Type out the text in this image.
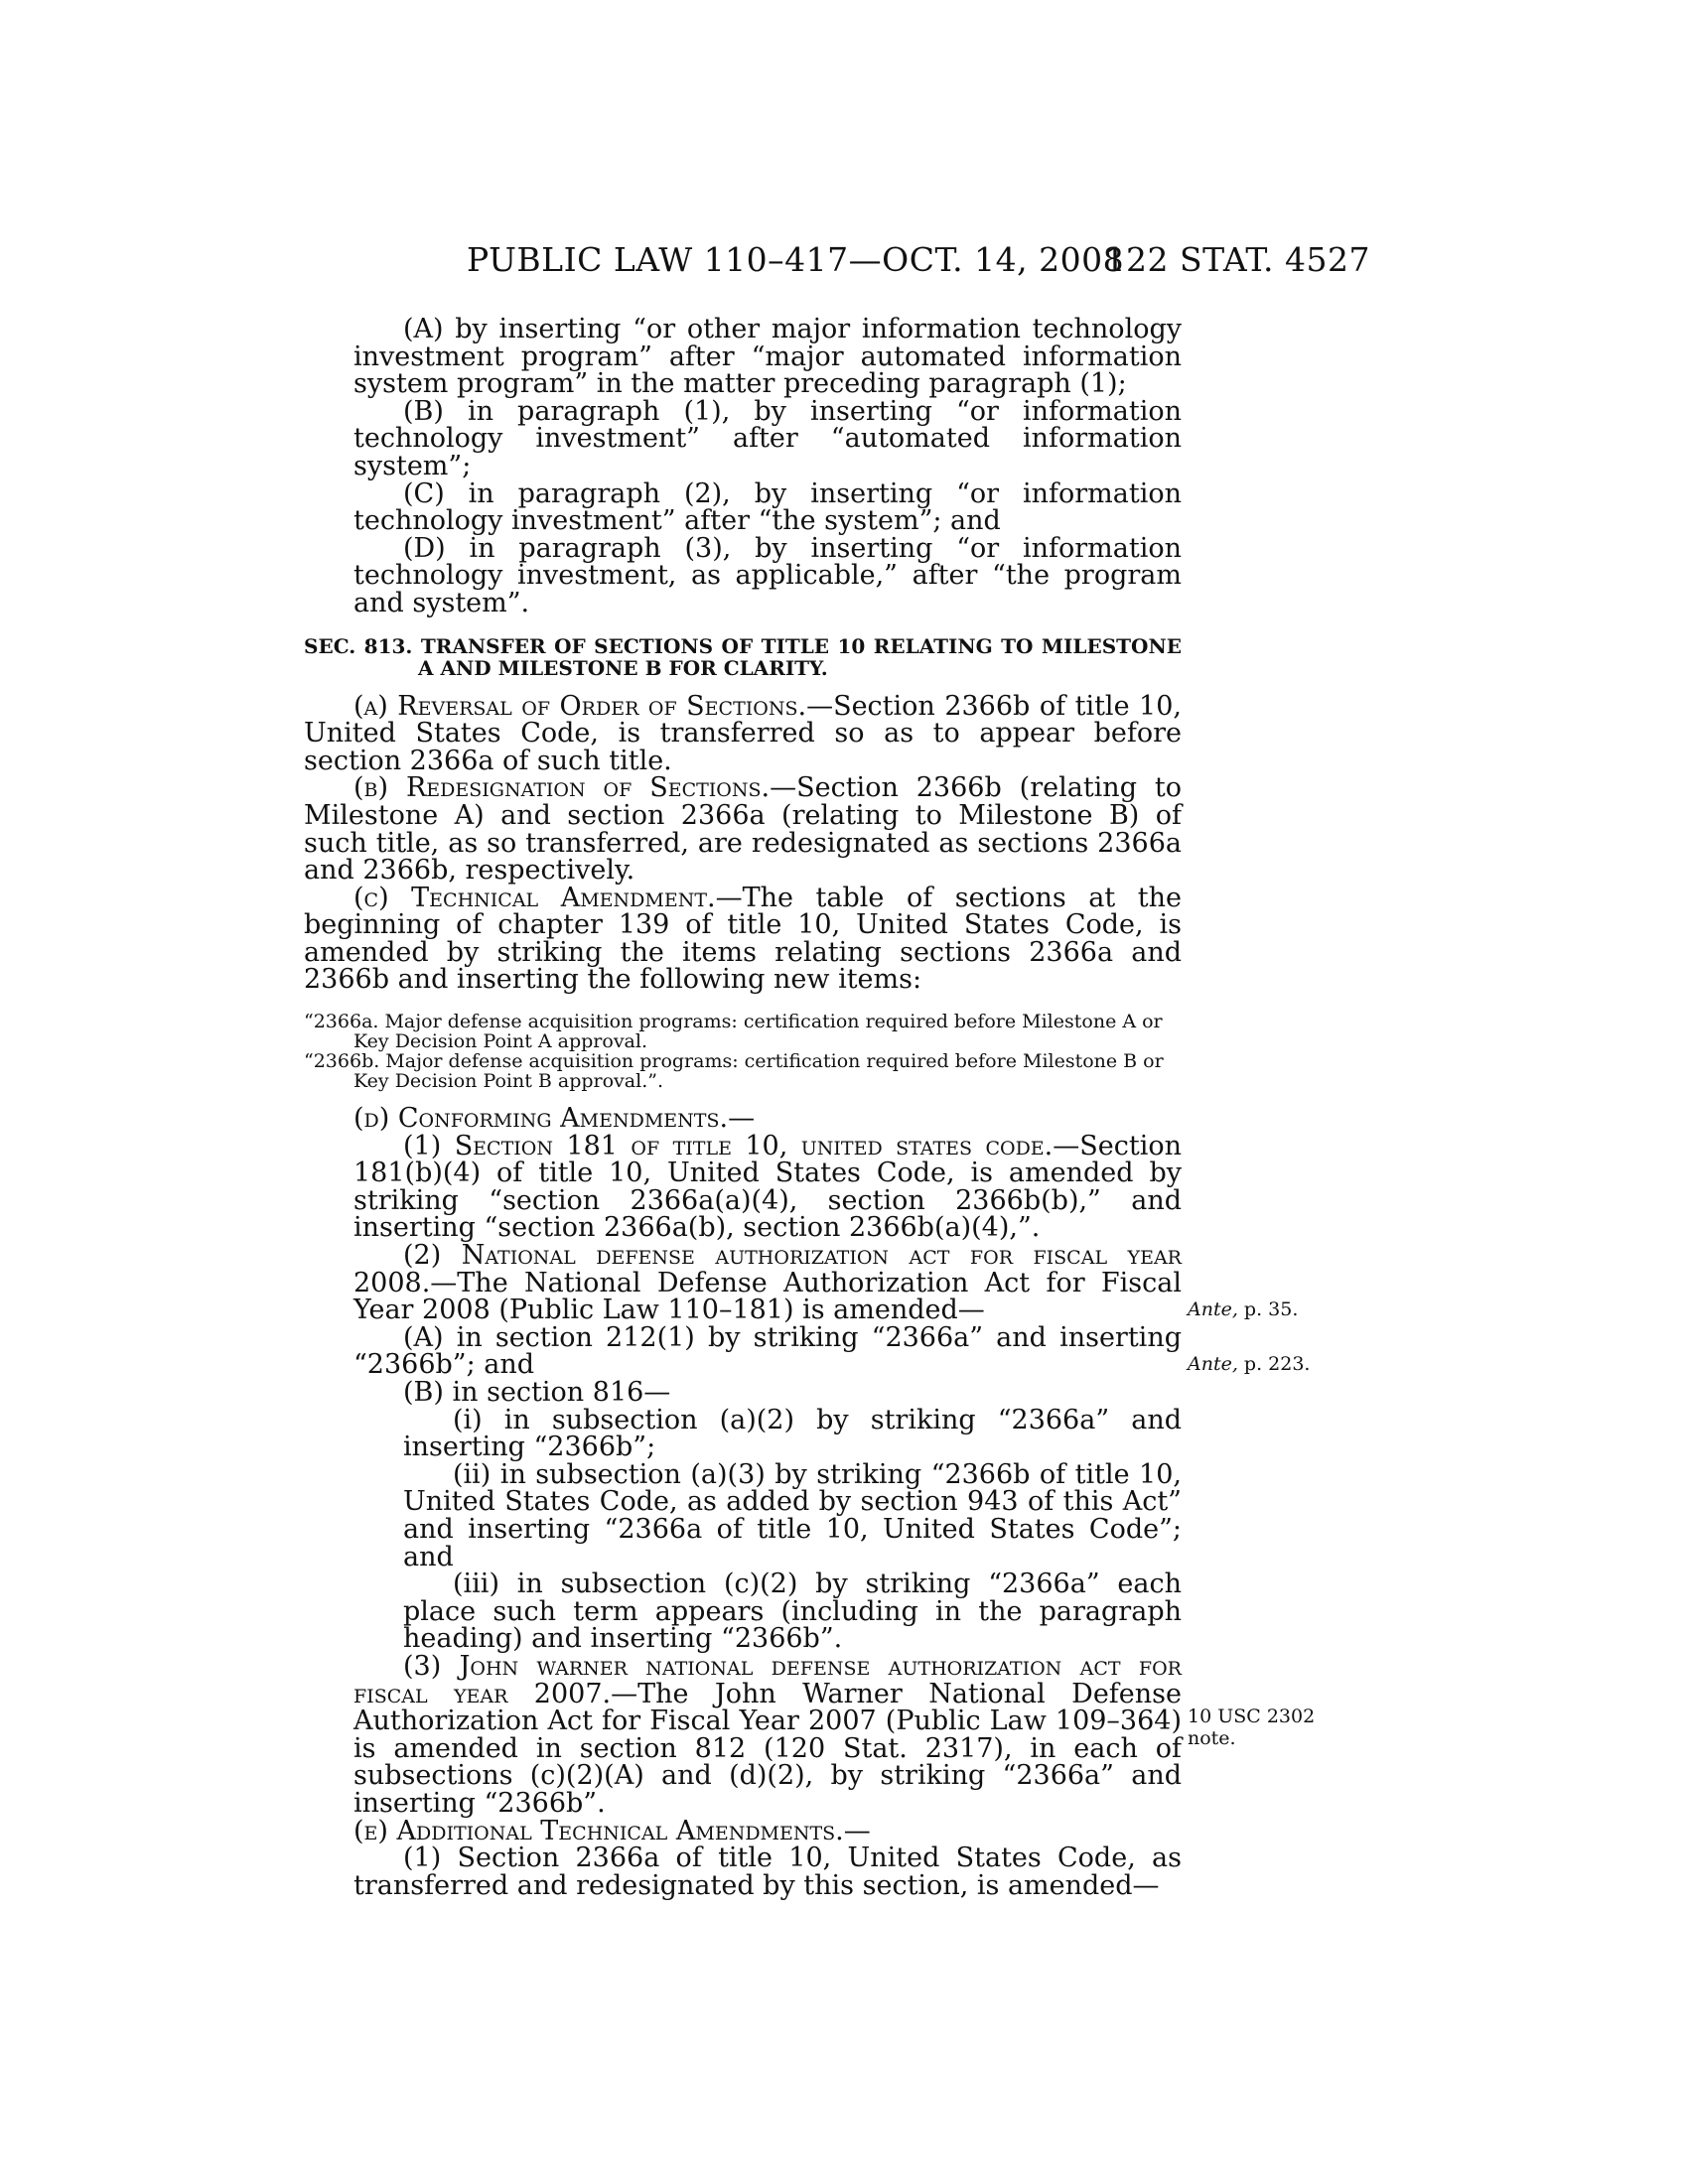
PUBLIC LAW 110–417—OCT. 14, 2008
122 STAT. 4527

(A) by inserting “or other major information technology investment program” after “major automated information system program” in the matter preceding paragraph (1);

(B) in paragraph (1), by inserting “or information technology investment” after “automated information system”;

(C) in paragraph (2), by inserting “or information technology investment” after “the system”; and

(D) in paragraph (3), by inserting “or information technology investment, as applicable,” after “the program and system”.

SEC. 813. TRANSFER OF SECTIONS OF TITLE 10 RELATING TO MILESTONE A AND MILESTONE B FOR CLARITY.

(a) Reversal of Order of Sections.—Section 2366b of title 10, United States Code, is transferred so as to appear before section 2366a of such title.

(b) Redesignation of Sections.—Section 2366b (relating to Milestone A) and section 2366a (relating to Milestone B) of such title, as so transferred, are redesignated as sections 2366a and 2366b, respectively.

(c) Technical Amendment.—The table of sections at the beginning of chapter 139 of title 10, United States Code, is amended by striking the items relating sections 2366a and 2366b and inserting the following new items:

“2366a. Major defense acquisition programs: certification required before Milestone A or Key Decision Point A approval.
“2366b. Major defense acquisition programs: certification required before Milestone B or Key Decision Point B approval.”.

(d) Conforming Amendments.—

(1) Section 181 of title 10, united states code.—Section 181(b)(4) of title 10, United States Code, is amended by striking “section 2366a(a)(4), section 2366b(b),” and inserting “section 2366a(b), section 2366b(a)(4),”.

(2) National defense authorization act for fiscal year 2008.—The National Defense Authorization Act for Fiscal Year 2008 (Public Law 110–181) is amended—

(A) in section 212(1) by striking “2366a” and inserting “2366b”; and

(B) in section 816—

(i) in subsection (a)(2) by striking “2366a” and inserting “2366b”;

(ii) in subsection (a)(3) by striking “2366b of title 10, United States Code, as added by section 943 of this Act” and inserting “2366a of title 10, United States Code”; and

(iii) in subsection (c)(2) by striking “2366a” each place such term appears (including in the paragraph heading) and inserting “2366b”.

(3) John warner national defense authorization act for fiscal year 2007.—The John Warner National Defense Authorization Act for Fiscal Year 2007 (Public Law 109–364) is amended in section 812 (120 Stat. 2317), in each of subsections (c)(2)(A) and (d)(2), by striking “2366a” and inserting “2366b”.

(e) Additional Technical Amendments.—

(1) Section 2366a of title 10, United States Code, as transferred and redesignated by this section, is amended—

Ante, p. 35.
Ante, p. 223.
10 USC 2302
note.
